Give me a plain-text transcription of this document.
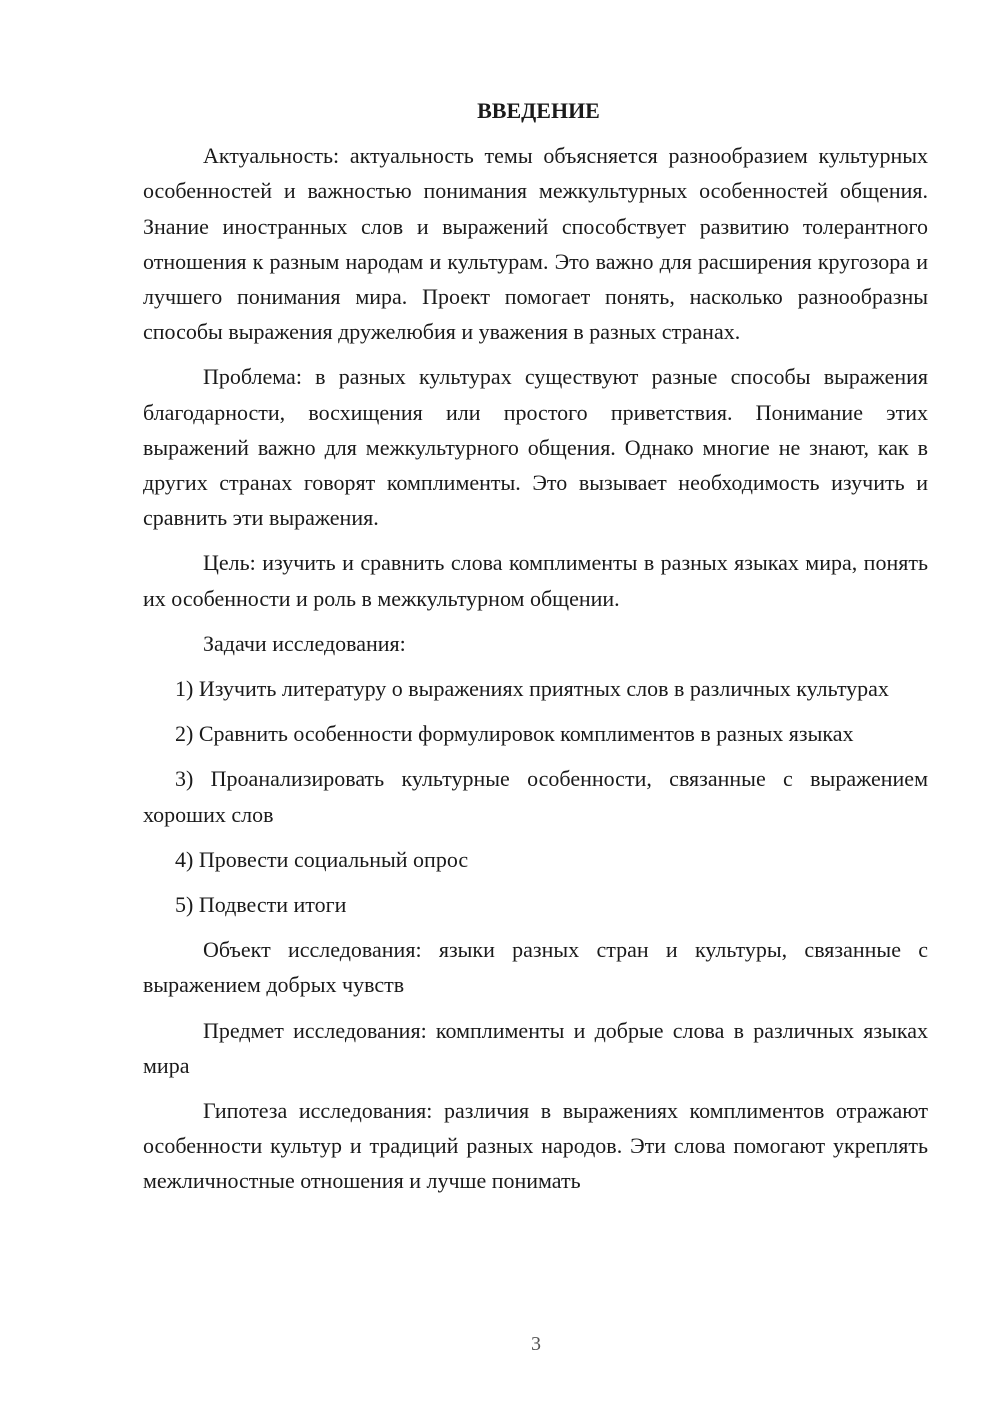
ВВЕДЕНИЕ

Актуальность: актуальность темы объясняется разнообразием культурных особенностей и важностью понимания межкультурных особенностей общения. Знание иностранных слов и выражений способствует развитию толерантного отношения к разным народам и культурам. Это важно для расширения кругозора и лучшего понимания мира. Проект помогает понять, насколько разнообразны способы выражения дружелюбия и уважения в разных странах.

Проблема: в разных культурах существуют разные способы выражения благодарности, восхищения или простого приветствия. Понимание этих выражений важно для межкультурного общения. Однако многие не знают, как в других странах говорят комплименты. Это вызывает необходимость изучить и сравнить эти выражения.

Цель: изучить и сравнить слова комплименты в разных языках мира, понять их особенности и роль в межкультурном общении.

Задачи исследования:

1) Изучить литературу о выражениях приятных слов в различных культурах

2) Сравнить особенности формулировок комплиментов в разных языках

3) Проанализировать культурные особенности, связанные с выражением хороших слов

4) Провести социальный опрос

5) Подвести итоги

Объект исследования: языки разных стран и культуры, связанные с выражением добрых чувств

Предмет исследования: комплименты и добрые слова в различных языках мира

Гипотеза исследования: различия в выражениях комплиментов отражают особенности культур и традиций разных народов. Эти слова помогают укреплять межличностные отношения и лучше понимать

3
